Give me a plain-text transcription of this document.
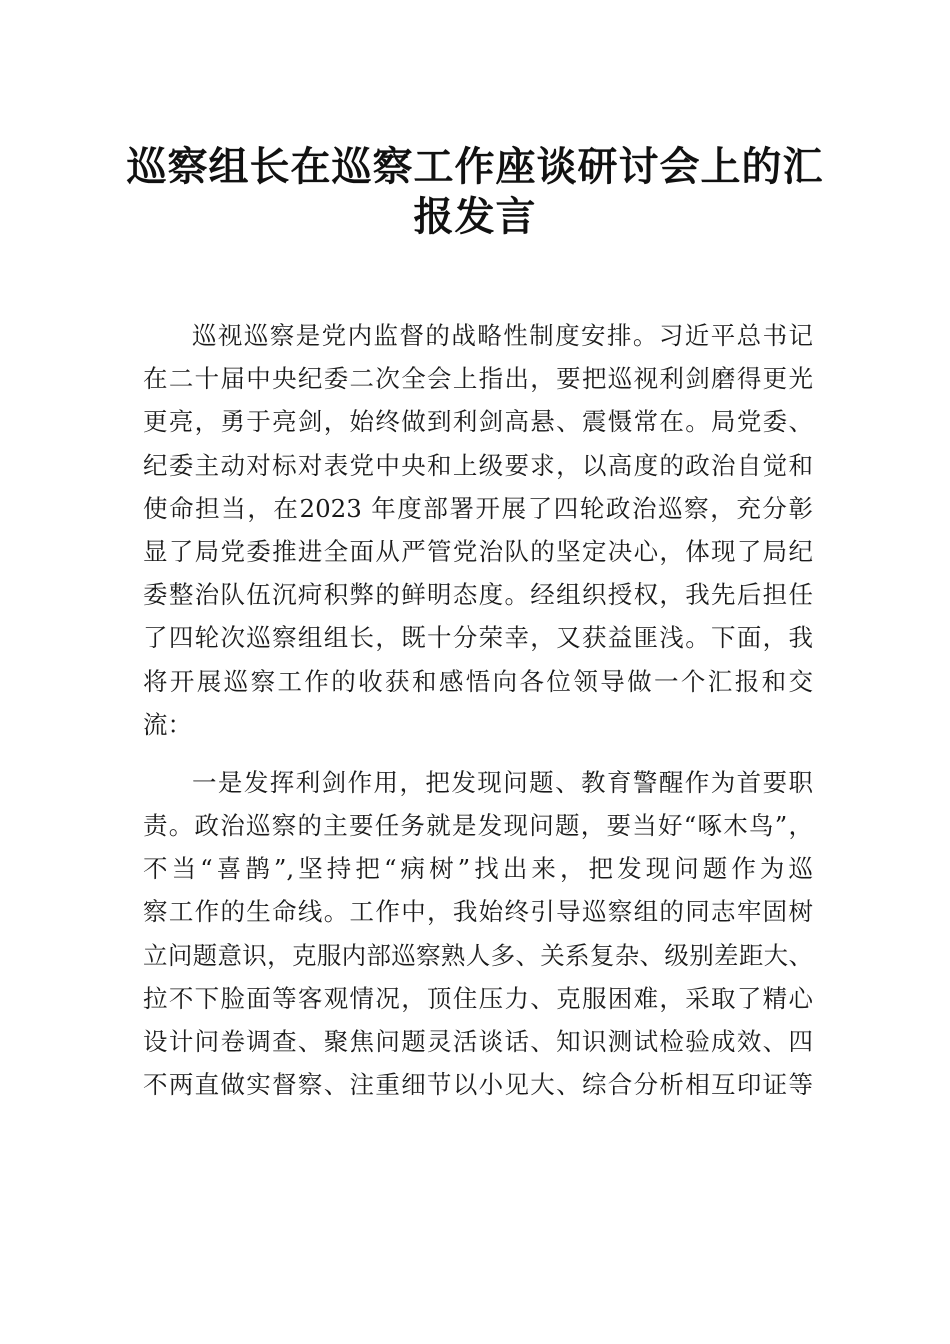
巡察组长在巡察工作座谈研讨会上的汇
报发言
巡视巡察是党内监督的战略性制度安排。习近平总书记
在二十届中央纪委二次全会上指出，要把巡视利剑磨得更光
更亮，勇于亮剑，始终做到利剑高悬、震慑常在。局党委、
纪委主动对标对表党中央和上级要求，以高度的政治自觉和
使命担当，在2023 年度部署开展了四轮政治巡察，充分彰
显了局党委推进全面从严管党治队的坚定决心，体现了局纪
委整治队伍沉疴积弊的鲜明态度。经组织授权，我先后担任
了四轮次巡察组组长，既十分荣幸，又获益匪浅。下面，我
将开展巡察工作的收获和感悟向各位领导做一个汇报和交
流：
一是发挥利剑作用，把发现问题、教育警醒作为首要职
责。政治巡察的主要任务就是发现问题，要当好“啄木鸟”，
不当“喜鹊”,坚持把“病树”找出来，把发现问题作为巡
察工作的生命线。工作中，我始终引导巡察组的同志牢固树
立问题意识，克服内部巡察熟人多、关系复杂、级别差距大、
拉不下脸面等客观情况，顶住压力、克服困难，采取了精心
设计问卷调查、聚焦问题灵活谈话、知识测试检验成效、四
不两直做实督察、注重细节以小见大、综合分析相互印证等
